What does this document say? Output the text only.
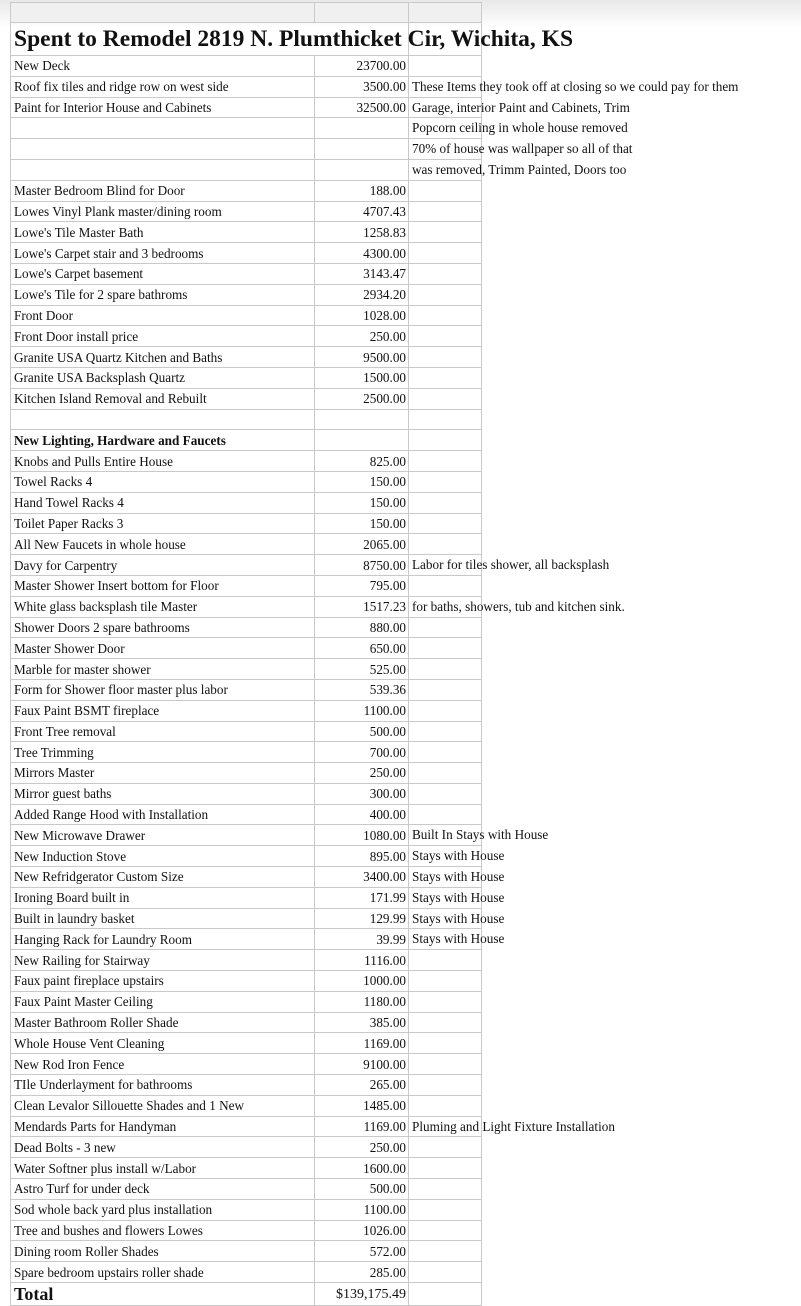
Spent to Remodel 2819 N. Plumthicket Cir, Wichita, KS		

New Deck	23700.00	

Roof fix tiles and ridge row on west side	3500.00	These Items they took off at closing so we could pay for them

Paint for Interior House and Cabinets	32500.00	Garage, interior Paint and Cabinets, Trim

		Popcorn ceiling in whole house removed

		70% of house was wallpaper so all of that

		was removed, Trimm Painted, Doors too

Master Bedroom Blind for Door	188.00	

Lowes Vinyl Plank master/dining room	4707.43	

Lowe's Tile Master Bath	1258.83	

Lowe's Carpet stair and 3 bedrooms	4300.00	

Lowe's Carpet basement	3143.47	

Lowe's Tile for 2 spare bathroms	2934.20	

Front Door	1028.00	

Front Door install price	250.00	

Granite USA Quartz Kitchen and Baths	9500.00	

Granite USA Backsplash Quartz	1500.00	

Kitchen Island Removal and Rebuilt	2500.00	

New Lighting, Hardware and Faucets		

Knobs and Pulls Entire House	825.00	

Towel Racks 4	150.00	

Hand Towel Racks 4	150.00	

Toilet Paper Racks 3	150.00	

All New Faucets in whole house	2065.00	

Davy for Carpentry	8750.00	Labor for tiles shower, all backsplash

Master Shower Insert bottom for Floor	795.00	

White glass backsplash tile Master	1517.23	for baths, showers, tub and kitchen sink.

Shower Doors 2 spare bathrooms	880.00	

Master Shower Door	650.00	

Marble for master shower	525.00	

Form for Shower floor master plus labor	539.36	

Faux Paint BSMT fireplace	1100.00	

Front Tree removal	500.00	

Tree Trimming	700.00	

Mirrors Master	250.00	

Mirror guest baths	300.00	

Added Range Hood with Installation	400.00	

New Microwave Drawer	1080.00	Built In Stays with House

New Induction Stove	895.00	Stays with House

New Refridgerator Custom Size	3400.00	Stays with House

Ironing Board built in	171.99	Stays with House

Built in laundry basket	129.99	Stays with House

Hanging Rack for Laundry Room	39.99	Stays with House

New Railing for Stairway	1116.00	

Faux paint fireplace upstairs	1000.00	

Faux Paint Master Ceiling	1180.00	

Master Bathroom Roller Shade	385.00	

Whole House Vent Cleaning	1169.00	

New Rod Iron Fence	9100.00	

TIle Underlayment for bathrooms	265.00	

Clean Levalor Sillouette Shades and 1 New	1485.00	

Mendards Parts for Handyman	1169.00	Pluming and Light Fixture Installation

Dead Bolts - 3 new	250.00	

Water Softner plus install w/Labor	1600.00	

Astro Turf for under deck	500.00	

Sod whole back yard plus installation	1100.00	

Tree and bushes and flowers Lowes	1026.00	

Dining room Roller Shades	572.00	

Spare bedroom upstairs roller shade	285.00	

Total	$139,175.49	
